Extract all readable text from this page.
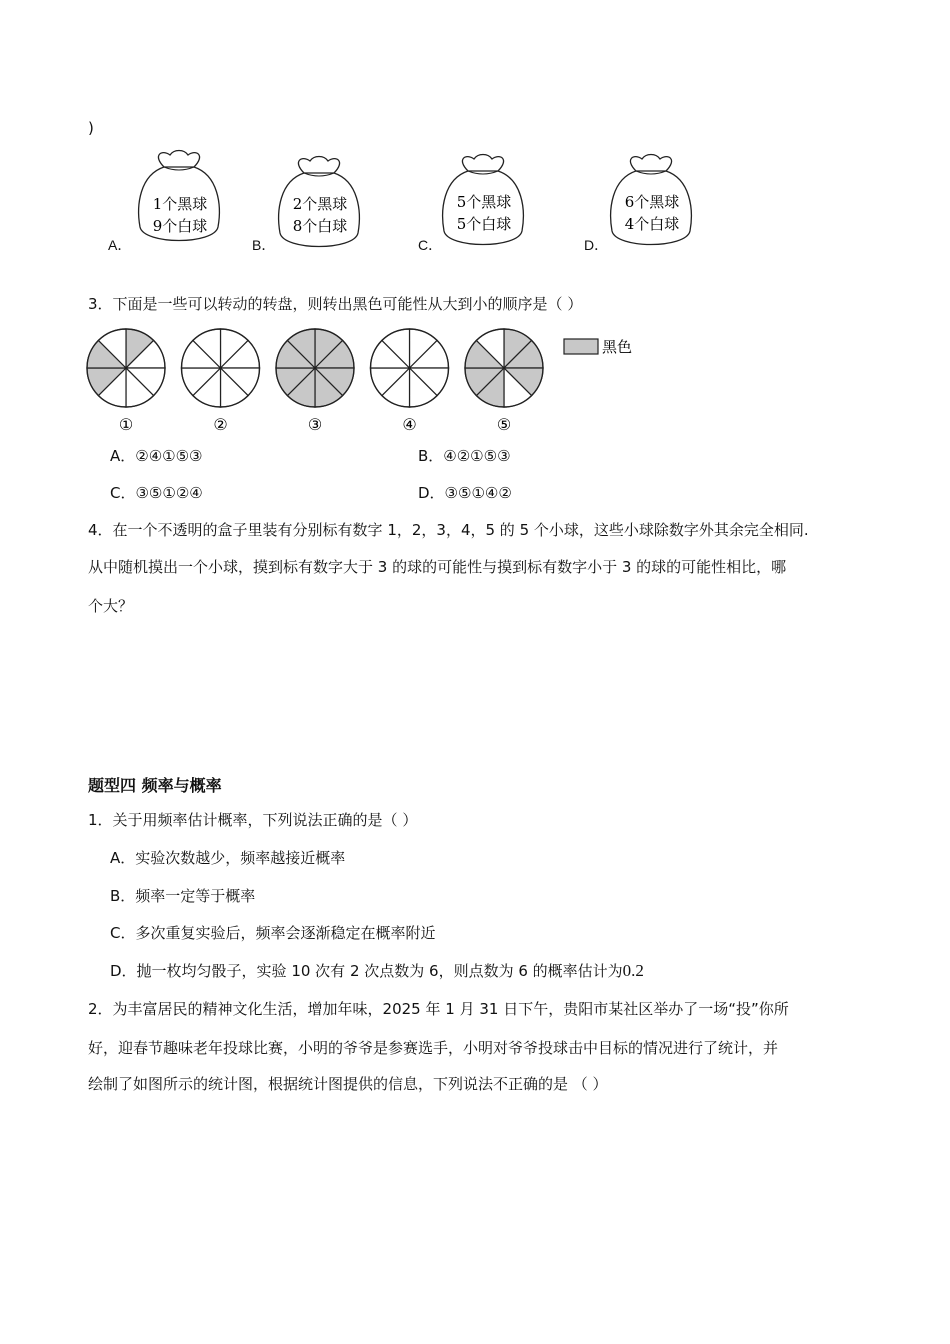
)
A．
1个黑球
9个白球
B．
2个黑球
8个白球
C．
5个黑球
5个白球
D．
6个黑球
4个白球
3．下面是一些可以转动的转盘，则转出黑色可能性从大到小的顺序是（ ）
①	②	③	④	⑤
黑色
A．②④①⑤③	B．④②①⑤③
C．③⑤①②④	D．③⑤①④②
4．在一个不透明的盒子里装有分别标有数字 1，2，3，4，5 的 5 个小球，这些小球除数字外其余完全相同.
从中随机摸出一个小球，摸到标有数字大于 3 的球的可能性与摸到标有数字小于 3 的球的可能性相比，哪
个大？
题型四 频率与概率
1．关于用频率估计概率，下列说法正确的是（ ）
A．实验次数越少，频率越接近概率
B．频率一定等于概率
C．多次重复实验后，频率会逐渐稳定在概率附近
D．抛一枚均匀骰子，实验 10 次有 2 次点数为 6，则点数为 6 的概率估计为0.2
2．为丰富居民的精神文化生活，增加年味，2025 年 1 月 31 日下午，贵阳市某社区举办了一场“投”你所
好，迎春节趣味老年投球比赛，小明的爷爷是参赛选手，小明对爷爷投球击中目标的情况进行了统计，并
绘制了如图所示的统计图，根据统计图提供的信息，下列说法不正确的是 （ ）
